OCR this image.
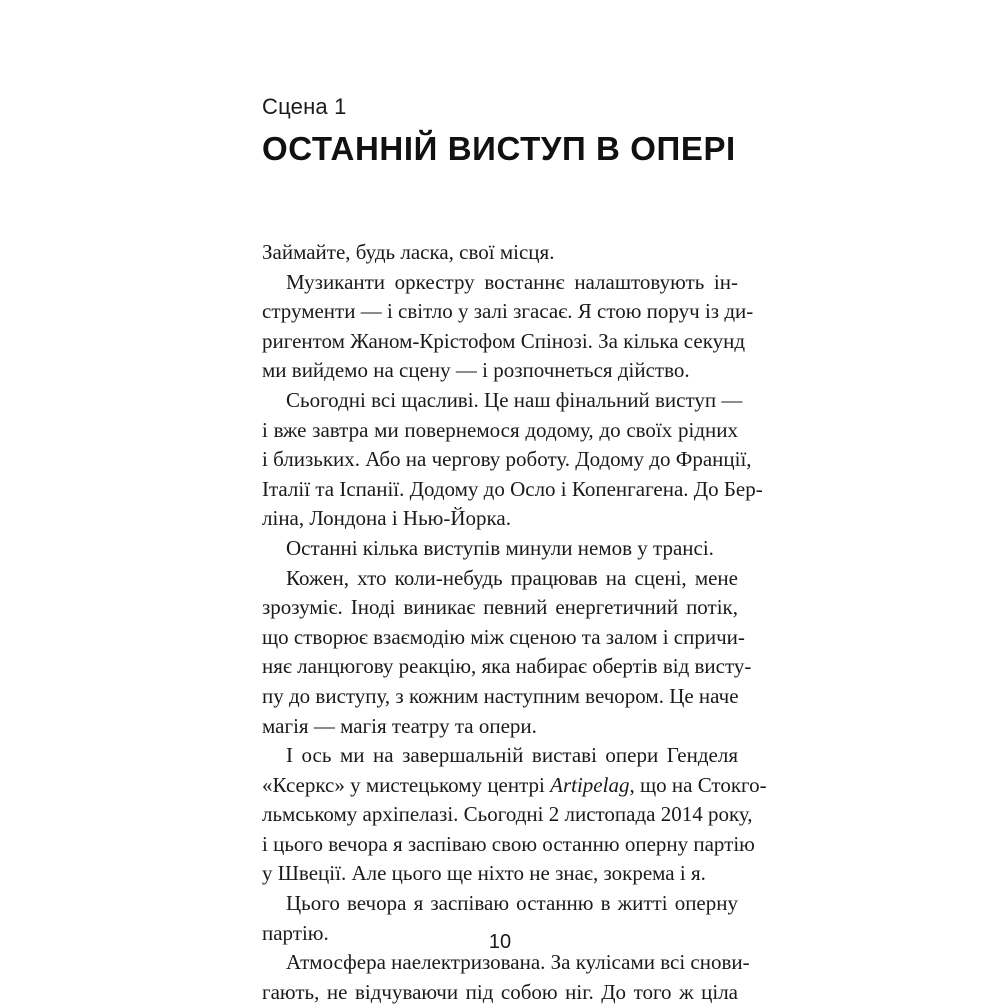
Сцена 1
ОСТАННІЙ ВИСТУП В ОПЕРІ
Займайте, будь ласка, свої місця.
Музиканти оркестру востаннє налаштовують ін-
струменти — і світло у залі згасає. Я стою поруч із ди-
ригентом Жаном-Крістофом Спінозі. За кілька секунд
ми вийдемо на сцену — і розпочнеться дійство.
Сьогодні всі щасливі. Це наш фінальний виступ —
і вже завтра ми повернемося додому, до своїх рідних
і близьких. Або на чергову роботу. Додому до Франції,
Італії та Іспанії. Додому до Осло і Копенгагена. До Бер-
ліна, Лондона і Нью-Йорка.
Останні кілька виступів минули немов у трансі.
Кожен, хто коли-небудь працював на сцені, мене
зрозуміє. Іноді виникає певний енергетичний потік,
що створює взаємодію між сценою та залом і спричи-
няє ланцюгову реакцію, яка набирає обертів від висту-
пу до виступу, з кожним наступним вечором. Це наче
магія — магія театру та опери.
І ось ми на завершальній виставі опери Генделя
«Ксеркс» у мистецькому центрі Artipelag, що на Стокго-
льмському архіпелазі. Сьогодні 2 листопада 2014 року,
і цього вечора я заспіваю свою останню оперну партію
у Швеції. Але цього ще ніхто не знає, зокрема і я.
Цього вечора я заспіваю останню в житті оперну
партію.
Атмосфера наелектризована. За кулісами всі снови-
гають, не відчуваючи під собою ніг. До того ж ціла
10
